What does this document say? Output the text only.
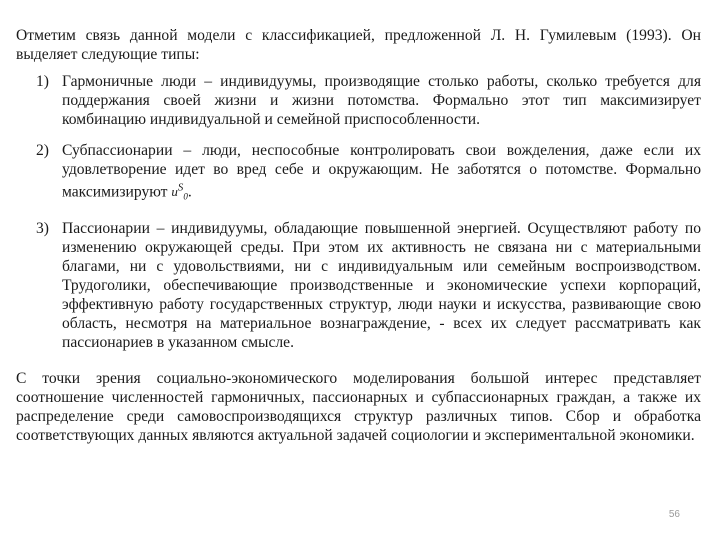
Отметим связь данной модели с классификацией, предложенной Л. Н. Гумилевым (1993). Он выделяет следующие типы:

1) Гармоничные люди – индивидуумы, производящие столько работы, сколько требуется для поддержания своей жизни и жизни потомства. Формально этот тип максимизирует комбинацию индивидуальной и семейной приспособленности.
2) Субпассионарии – люди, неспособные контролировать свои вожделения, даже если их удовлетворение идет во вред себе и окружающим. Не заботятся о потомстве. Формально максимизируют $u^S_0$.
3) Пассионарии – индивидуумы, обладающие повышенной энергией. Осуществляют работу по изменению окружающей среды. При этом их активность не связана ни с материальными благами, ни с удовольствиями, ни с индивидуальным или семейным воспроизводством. Трудоголики, обеспечивающие производственные и экономические успехи корпораций, эффективную работу государственных структур, люди науки и искусства, развивающие свою область, несмотря на материальное вознаграждение, - всех их следует рассматривать как пассионариев в указанном смысле.

С точки зрения социально-экономического моделирования большой интерес представляет соотношение численностей гармоничных, пассионарных и субпассионарных граждан, а также их распределение среди самовоспроизводящихся структур различных типов. Сбор и обработка соответствующих данных являются актуальной задачей социологии и экспериментальной экономики.

56
